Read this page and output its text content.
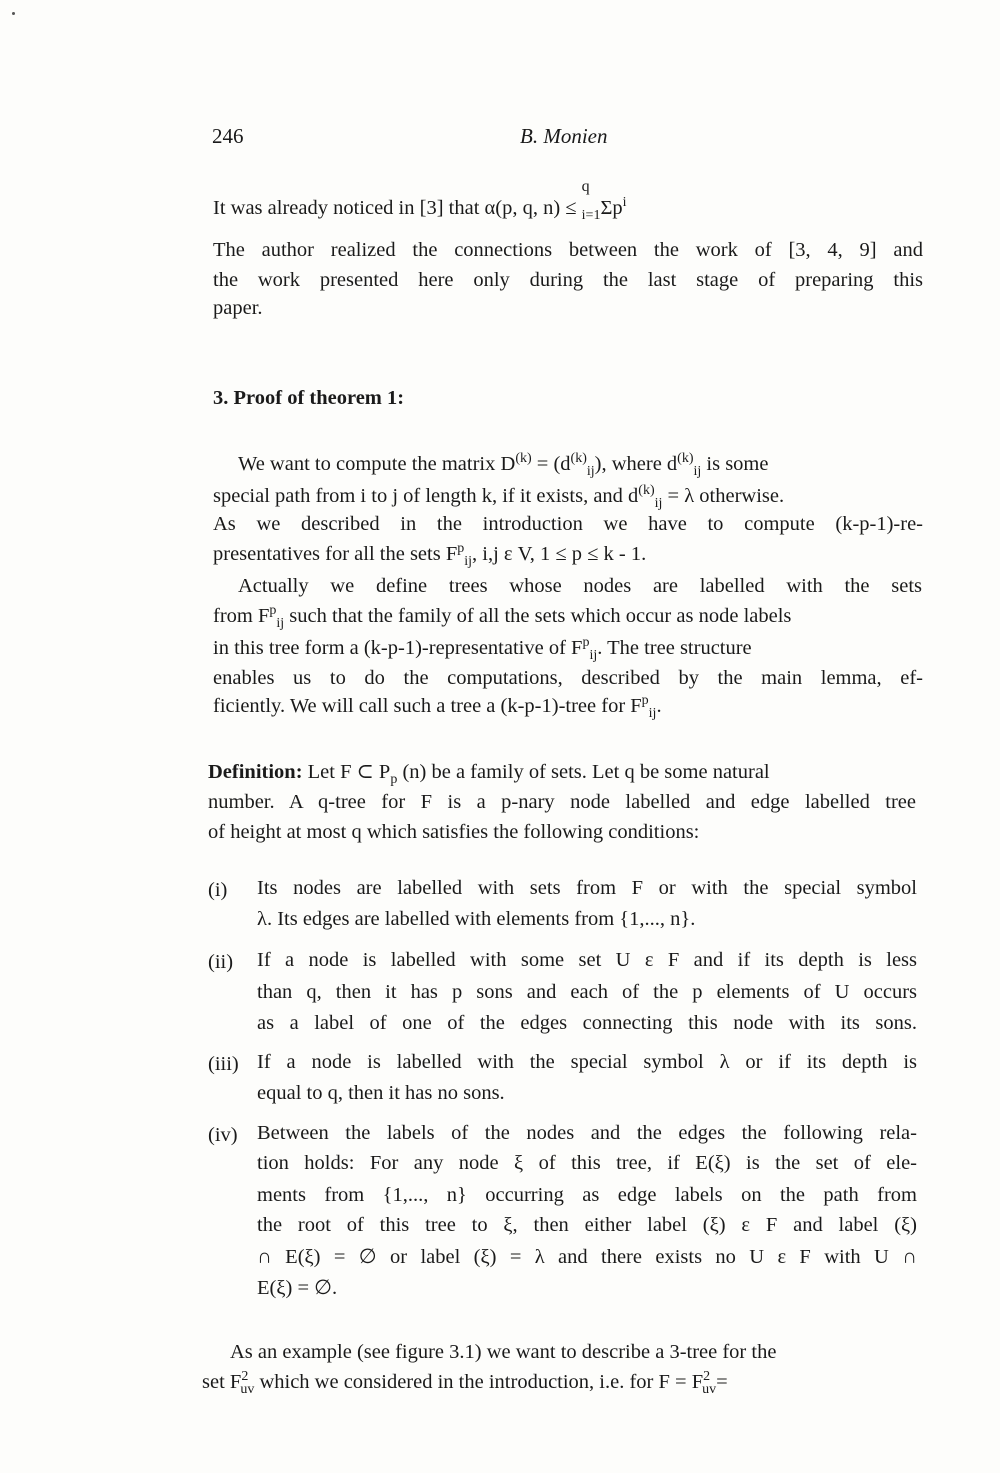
246	B. Monien
It was already noticed in [3] that α(p, q, n) ≤
q
$_{i=1}\Sigma p^i$
The author realized the connections between the work of [3, 4, 9] and
the work presented here only during the last stage of preparing this
paper.
3. Proof of theorem 1:
We want to compute the matrix $D^{(k)} = (d^{(k)}_{ij})$, where $d^{(k)}_{ij}$ is some
special path from i to j of length k, if it exists, and $d^{(k)}_{ij} = \lambda$ otherwise.
As we described in the introduction we have to compute (k-p-1)-re-
presentatives for all the sets $F^p_{ij}$, i,j ε V, 1 ≤ p ≤ k - 1.
Actually we define trees whose nodes are labelled with the sets
from $F^p_{ij}$ such that the family of all the sets which occur as node labels
in this tree form a (k-p-1)-representative of $F^p_{ij}$. The tree structure
enables us to do the computations, described by the main lemma, ef-
ficiently. We will call such a tree a (k-p-1)-tree for $F^p_{ij}$.
Definition: Let F ⊂ $P_p$ (n) be a family of sets. Let q be some natural
number. A q-tree for F is a p-nary node labelled and edge labelled tree
of height at most q which satisfies the following conditions:
(i) Its nodes are labelled with sets from F or with the special symbol
λ. Its edges are labelled with elements from {1,..., n}.
(ii) If a node is labelled with some set U ε F and if its depth is less
than q, then it has p sons and each of the p elements of U occurs
as a label of one of the edges connecting this node with its sons.
(iii) If a node is labelled with the special symbol λ or if its depth is
equal to q, then it has no sons.
(iv) Between the labels of the nodes and the edges the following rela-
tion holds: For any node ξ of this tree, if E(ξ) is the set of ele-
ments from {1,..., n} occurring as edge labels on the path from
the root of this tree to ξ, then either label (ξ) ε F and label (ξ)
∩ E(ξ) = ∅ or label (ξ) = λ and there exists no U ε F with U ∩
E(ξ) = ∅.
As an example (see figure 3.1) we want to describe a 3-tree for the
set $F^2_{uv}$ which we considered in the introduction, i.e. for $F = F^2_{uv}=$
